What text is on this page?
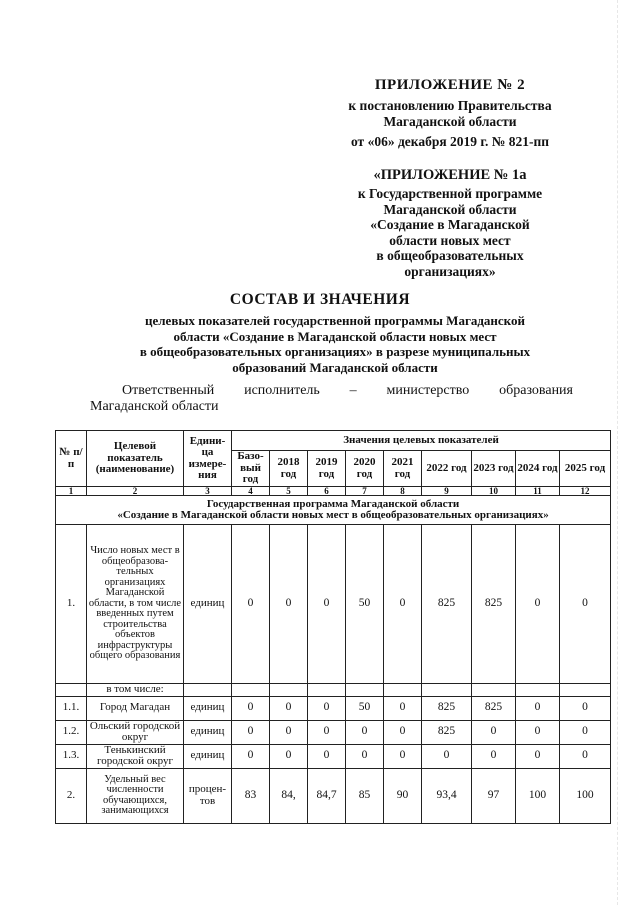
ПРИЛОЖЕНИЕ № 2
к постановлению Правительства
Магаданской области
от «06» декабря 2019 г. № 821-пп
«ПРИЛОЖЕНИЕ № 1а
к Государственной программе
Магаданской области
«Создание в Магаданской
области новых мест
в общеобразовательных
организациях»
СОСТАВ И ЗНАЧЕНИЯ
целевых показателей государственной программы Магаданской
области «Создание в Магаданской области новых мест
в общеобразовательных организациях» в разрезе муниципальных
образований Магаданской области
Ответственный исполнитель – министерство образования
Магаданской области
№ п/п	Целевой показатель (наименование)	Едини-ца измере-ния	Значения целевых показателей								
			Базо-вый год	2018 год	2019 год	2020 год	2021 год	2022 год	2023 год	2024 год	2025 год
1	2	3	4	5	6	7	8	9	10	11	12

Государственная программа Магаданской области
«Создание в Магаданской области новых мест в общеобразовательных организациях»											

1.	Число новых мест в общеобразова-тельных организациях Магаданской области, в том числе введенных путем строительства объектов инфраструктуры общего образования	единиц	0	0	0	50	0	825	825	0	0
	в том числе:										
1.1.	Город Магадан	единиц	0	0	0	50	0	825	825	0	0
1.2.	Ольский городской округ	единиц	0	0	0	0	0	825	0	0	0
1.3.	Тенькинский городской округ	единиц	0	0	0	0	0	0	0	0	0
2.	Удельный вес численности обучающихся, занимающихся	процен-тов	83	84,	84,7	85	90	93,4	97	100	100
